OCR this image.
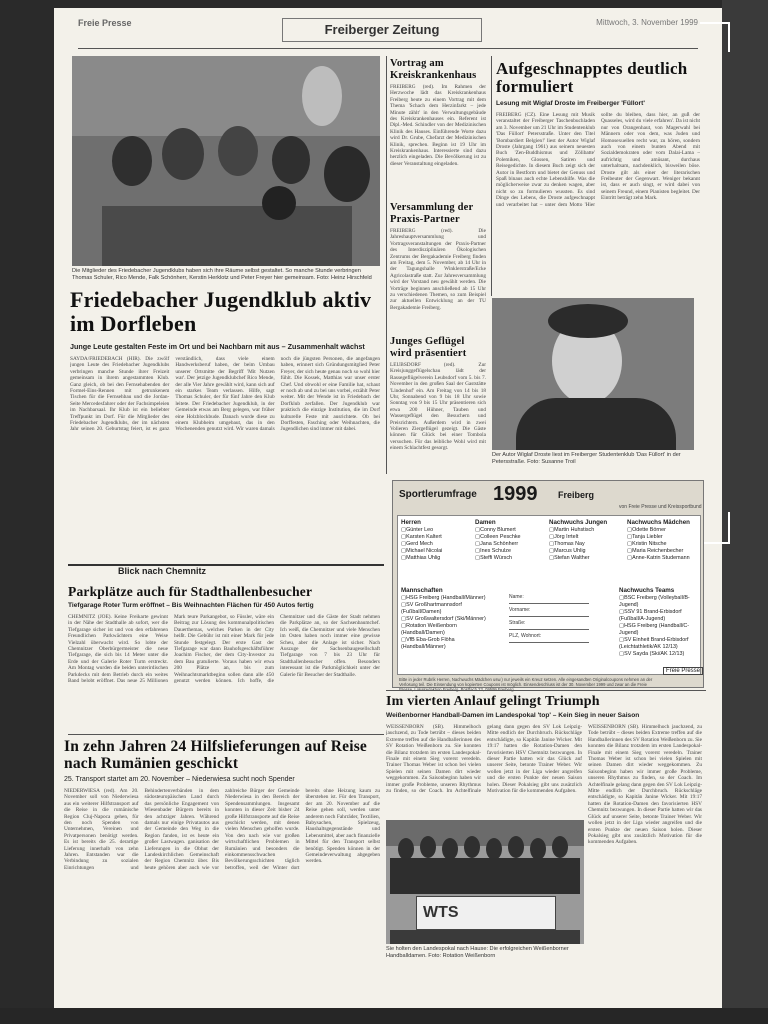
Freie Presse	Freiberger Zeitung	Mittwoch, 3. November 1999
Die Mitglieder des Friedebacher Jugendklubs haben sich ihre Räume selbst gestaltet. So manche Stunde verbringen Thomas Schuler, Rico Mende, Falk Schönherr, Kerstin Herklotz und Peter Freyer hier gemeinsam. Foto: Heinz Hirschfeld
Friedebacher Jugendklub aktiv im Dorfleben
Junge Leute gestalten Feste im Ort und bei Nachbarn mit aus – Zusammenhalt wächst
SAYDA/FRIEDEBACH (HIR). Die zwölf jungen Leute des Friedebacher Jugendklubs verbringen manche Stunde ihrer Freizeit gemeinsam in ihrem angestammten Klub. Ganz gleich, ob bei den Fernsehabenden der Formel-Eins-Rennen mit getrunkenem Tischen für die Fernsehbau und die Jordan-Seite Mercedesfahrer oder der Fachsimpeleien im Nachbarsaal. Ihr Klub ist ein beliebter Treffpunkt im Dorf. Für die Mitglieder des Friedebacher Jugendklubs, der im nächsten Jahr seinen 20. Geburtstag feiert, ist es ganz verständlich, dass viele einem Handwerksberuf haben, der beim Umbau unserer Ortsmitte der Begriff 'Mit Nutzen war'. Der jetzige Jugendklubchef Rico Mende, der alle Vier Jahre gewählt wird, kann sich auf ein starkes Team verlassen. Hilfe, sagt Thomas Schuler, der für fünf Jahre den Klub leitete. Der Friedebacher Jugendklub, in der Gemeinde etwas am Berg gelegen, war früher eine Holzblockbude. Danach wurde diese zu einem Klubheim umgebaut, das in den Wochenenden genutzt wird. Wir waren damals noch die jüngsten Personen, die angefangen haben, erinnert sich Gründungsmitglied Peter Freyer, der sich heute genau noch so wohl hier fühlt. Die Kossek, Matthias war unser erster Chef. Und obwohl er eine Familie hat, schaut er noch ab und zu bei uns vorbei, erzählt Peter weiter. Mit der Wende ist in Friedebach der Dorfklub zerfallen. Der Jugendklub war praktisch die einzige Institution, die im Dorf kulturelle Feste mit ausrichtete. Ob bei Dorffesten, Fasching oder Weihnachten, die Jugendlichen sind immer mit dabei.
Blick nach Chemnitz
Parkplätze auch für Stadthallenbesucher
Tiefgarage Roter Turm eröffnet – Bis Weihnachten Flächen für 450 Autos fertig
CHEMNITZ (JOE). Keine Freikarte gewinnt in der Nähe der Stadthalle ab sofort, wer die Tiefgarage sicher ist und von den erfahrenen Freundlichen Parkwächtern eine Weise Vielzahl überwacht wird. So lobte der Chemnitzer Oberbürgermeister die neue Tiefgarage, die sich bis 14 Meter unter die Erde und der Galerie Roter Turm erstreckt. Am Montag wurden die beiden unterirdischen Parkdecks mit dem Betrieb durch ein weites Band belobt eröffnet. Das neue 25 Millionen Mark teure Parkangebot, so Füssler, wäre ein Beitrag zur Lösung des kommunalpolitischen Dauerthemas, welches Parken in der City heißt. Die Gebühr ist mit einer Mark für jede Stunde festgelegt. Der erste Gast der Tiefgarage war dann Bauhofsgeschäftsführer Joachim Fischer, der dem City-Investor zu dem Bau gratulierte. Voraus haben wir etwa 200 Plätze an, bis zum Weihnachtsmarktbeginn sollen dann alle 450 genutzt werden können. Ich hoffe, die Chemnitzer und die Gäste der Stadt nehmen die Parkplätze an, so der Sachsenbaumchef. Ich weiß, die Chemnitzer und viele Menschen im Osten haben noch immer eine gewisse Scheu, aber die Anlage ist sicher. Nach Auszuge der Sachsenbaugesellschaft Tiefgarage von 7 bis 23 Uhr für Stadthallenbesucher offen. Besonders interessant ist die Parkmöglichkeit unter der Galerie für Besucher der Stadthalle.
In zehn Jahren 24 Hilfslieferungen auf Reise nach Rumänien geschickt
25. Transport startet am 20. November – Niederwiesa sucht noch Spender
NIEDERWIESA (red). Am 20. November soll von Niederwiesa aus ein weiterer Hilfstransport auf die Reise in die rumänische Region Cluj-Napoca gehen, für den noch Spenden von Unternehmen, Vereinen und Privatpersonen benötigt werden. Es ist bereits die 25. derartige Lieferung innerhalb von zehn Jahren. Entstanden war die Verbindung zu sozialen Einrichtungen und Behindertenverbänden in dem südosteuropäischen Land durch das persönliche Engagement von Wiesenbader Bürgern bereits in den achtziger Jahren. Während damals nur einige Privatautos aus der Gemeinde den Weg in die Region fanden, ist es heute ein großer Lastwagen. ganisation der Lieferungen in die Obhut der Landeskirchlichen Gemeinschaft der Region Chemnitz über. Bis heute gehören aber auch wie vor zahlreiche Bürger der Gemeinde Niederwiesa in den Bereich der Spendensammlungen. Insgesamt konnten in dieser Zeit bisher 24 große Hilfstransporte auf die Reise geschickt werden, mit denen vielen Menschen geholfen wurde. Von den nach wie vor großen wirtschaftlichen Problemen in Rumänien und besonders die einkommensschwachen Bevölkerungsschichten täglich betroffen, weil der Winter dort bereits ohne Heizung kaum zu überstehen ist. Für den Transport, der am 20. November auf die Reise gehen soll, werden unter anderem noch Fahrräder, Textilien, Babysachen, Spielzeug, Haushaltsgegenstände und Lebensmittel, aber auch finanzielle Mittel für den Transport selbst benötigt. Spenden können in der Gemeindeverwaltung abgegeben werden.
Vortrag am Kreiskrankenhaus
FREIBERG (red). Im Rahmen der Herzwoche lädt das Kreiskrankenhaus Freiberg heute zu einem Vortrag mit dem Thema 'Schach dem Herzinfarkt – jede Minute zählt' in den Verwaltungsgebäude des Kreiskrankenhauses ein. Referent ist Dipl.-Med. Schindler von der Medizinischen Klinik des Hauses. Einführende Worte dazu wird Dr. Grube, Chefarzt der Medizinischen Klinik, sprechen. Beginn ist 19 Uhr im Kreiskrankenhaus. Interessierte sind dazu herzlich eingeladen. Die Bevölkerung ist zu dieser Veranstaltung eingeladen.
Versammlung der Praxis-Partner
FREIBERG (red). Die Jahreshauptversammlung und Vortragsveranstaltungen der Praxis-Partner des Interdisziplinären Ökologischen Zentrums der Bergakademie Freiberg finden am Freitag, dem 5. November, ab 14 Uhr in der Tagungshalle Winklerstraße/Ecke Agricolastraße statt. Zur Jahresversammlung wird der Vorstand neu gewählt werden. Die Vorträge beginnen anschließend ab 15 Uhr zu verschiedenen Themen, so zum Beispiel zur aktuellen Entwicklung an der TU Bergakademie Freiberg.
Junges Geflügel wird präsentiert
LEUBSDORF (red). Zur Kreisjunggeflügelschau lädt der Rassegeflügelverein Leubsdorf vom 5. bis 7. November in den großen Saal der Gaststätte 'Lindenhof' ein. Am Freitag von 14 bis 18 Uhr, Sonnabend von 9 bis 18 Uhr sowie Sonntag von 9 bis 15 Uhr präsentieren sich etwa 200 Hühner, Tauben und Wassergeflügel den Besuchern und Preisrichtern. Außerdem wird in zwei Volieren Ziergeflügel gezeigt. Die Gäste können für Glück bei einer Tombola versuchen. Für das leibliche Wohl wird mit einem Schlachtfest gesorgt.
Aufgeschnapptes deutlich formuliert
Lesung mit Wiglaf Droste im Freiberger 'Füllort'
FREIBERG (CZ). Eine Lesung mit Musik veranstaltet der Freiberger Taschenbuchladen am 3. November um 21 Uhr im Studentenklub 'Das Füllort' Petersstraße. Unter den Titel 'Bombardiert Belgien!' liest der Autor Wiglaf Droste (Jahrgang 1961) aus seinem neuesten Buch 'Zen-Buddhismus und Zölibatte' Polemiken, Glossen, Satiren und Reisegedichte. In diesem Buch zeigt sich der Autor in Bestform und bietet der Genuss und Spaß binaus auch echte Lebenshilfe. Was die möglicherweise zwar zu denken wagen, aber nicht so zu formulieren wussten. Es sind Dinge des Lebens, die Droste aufgeschnappt und verarbeitet hat – unter dem Motto 'Hier sollte du bleiben, dass hier, an guß der Quasseles, wird du viele erfahren'. Da ist nicht nur von Orangenhaut, von Magerwahl bei Männern oder von dem, was Juden und Homosexuellen recht war, zu hören, sondern auch von einem bunten Abend mit Sozialdemokraten oder vom Dalai-Lama – aufrichtig und amüsant, durchaus unterhaltsam, nachdenklich, bisweilen böse. Droste gilt als einer der literarischen Freibeuter der Gegenwart. Weniger bekannt ist, dass er auch singt, er wird dabei von seinem Freund, einem Pianisten begleitet. Der Eintritt beträgt zehn Mark.
Der Autor Wiglaf Droste liest im Freiberger Studentenklub 'Das Füllort' in der Petersstraße. Foto: Susanne Troil
Sportlerumfrage 1999 Freiberg
von Freie Presse und Kreissportbund
Herren
▢ Günter Leo
▢ Karsten Kaltert
▢ Gerd Mech
▢ Michael Nicolai
▢ Matthias Uhlig
Damen
▢ Conny Blumert
▢ Colleen Peschke
▢ Jana Schönherr
▢ Ines Schulze
▢ Steffi Würsch
Nachwuchs Jungen
▢ Martin Huhstisch
▢ Jörg Irrtelt
▢ Thomas Nay
▢ Marcus Uhlig
▢ Stefan Walther
Nachwuchs Mädchen
▢ Odette Börner
▢ Tanja Liebler
▢ Kristin Nitsche
▢ Maria Reichenbecher
▢ Anne-Katrin Studemann
Mannschaften
▢ HSG Freiberg (Handball/Männer)
▢ SV Großhartmannsdorf (Fußball/Damen)
▢ SV Großwaltersdorf (Ski/Männer)
▢ Rotation Weißenborn (Handball/Damen)
▢ VfB Eba-Grob Flöha (Handball/Männer)
Name:
Vorname:
Straße:
PLZ, Wohnort:
Nachwuchs Teams
▢ BSC Freiberg (Volleyball/B-Jugend)
▢ SSV 91 Brand-Erbisdorf (Fußball/A-Jugend)
▢ HSG Freiberg (Handball/C-Jugend)
▢ SV Einheit Brand-Erbisdorf (Leichtathletik/AK 12/13)
▢ SV Sayda (Ski/AK 12/13)
Bitte in jeder Rubrik Herren, Nachwuchs Mädchen usw.) nur jeweils ein Kreuz setzen. Alle eingesandten Originalcoupons nehmen an der Verlosung teil. Die Einsendung von kopierten Coupons ist möglich. Einsendeschluss ist der 30. November 1999 und zwar an die Freie
Freie Presse
Im vierten Anlauf gelingt Triumph
Weißenborner Handball-Damen im Landespokal 'top' – Kein Sieg in neuer Saison
WEISSENBORN (SB). Himmelhoch jauchzend, zu Tode betrübt – dieses beiden Extreme treffen auf die Handballerinnen des SV Rotation Weißenborn zu. Sie konnten die Bilanz trotzdem im ersten Landespokal-Finale mit einem Sieg vorerst veredeln. Trainer Thomas Weber ist schon bei vielen Spielen mit seinen Damen dirt wieder weggekommen. Zu Saisonbeginn haben wir immer große Probleme, unseren Rhythmus zu finden, so der Coach. Im Achtelfinale gelang dann gegen den SV Lok Leipzig-Mitte endlich der Durchbruch. Rückschläge entschädigte, so Kapitän Janine Wicker. Mit 19:17 hatten die Rotation-Damen den favorisierten HSV Chemnitz bezwungen. In dieser Partie hatten wir das Glück auf unserer Seite, betonte Trainer Weber. Wir wollen jetzt in der Liga wieder angreifen und die ersten Punkte der neuen Saison holen. Dieser Pokalsieg gibt uns zusätzlich Motivation für die kommenden Aufgaben.
WEISSENBORN (SB). Himmelhoch jauchzend, zu Tode betrübt – dieses beiden Extreme treffen auf die Handballerinnen des SV Rotation Weißenborn zu. Sie konnten die Bilanz trotzdem im ersten Landespokal-Finale mit einem Sieg vorerst veredeln. Trainer Thomas Weber ist schon bei vielen Spielen mit seinen Damen dirt wieder weggekommen. Zu Saisonbeginn haben wir immer große Probleme, unseren Rhythmus zu finden, so der Coach. Im Achtelfinale gelang dann gegen den SV Lok Leipzig-Mitte endlich der Durchbruch. Rückschläge entschädigte, so Kapitän Janine Wicker. Mit 19:17 hatten die Rotation-Damen den favorisierten HSV Chemnitz bezwungen. In dieser Partie hatten wir das Glück auf unserer Seite, betonte Trainer Weber. Wir wollen jetzt in der Liga wieder angreifen und die ersten Punkte der neuen Saison holen. Dieser Pokalsieg gibt uns zusätzlich Motivation für die kommenden Aufgaben.
WTS
Sie holten den Landespokal nach Hause: Die erfolgreichen Weißenborner Handballdamen. Foto: Rotation Weißenborn
